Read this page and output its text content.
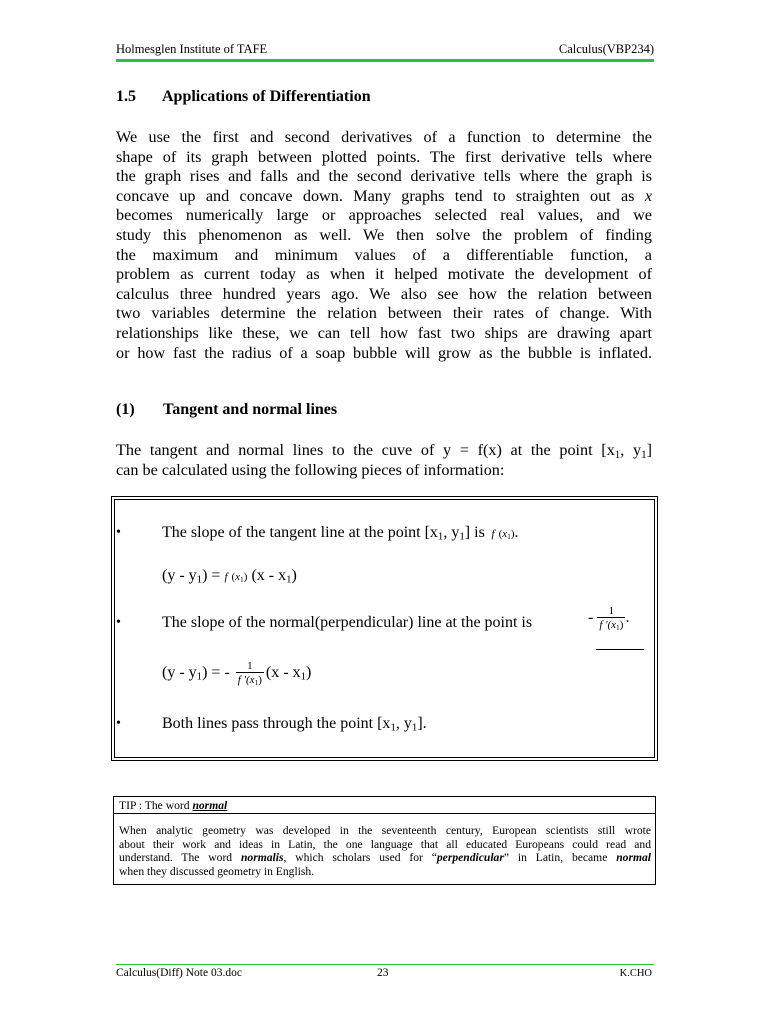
Holmesglen Institute of TAFE	Calculus(VBP234)
1.5 Applications of Differentiation
We use the first and second derivatives of a function to determine the
shape of its graph between plotted points. The first derivative tells where
the graph rises and falls and the second derivative tells where the graph is
concave up and concave down. Many graphs tend to straighten out as x
becomes numerically large or approaches selected real values, and we
study this phenomenon as well. We then solve the problem of finding
the maximum and minimum values of a differentiable function, a
problem as current today as when it helped motivate the development of
calculus three hundred years ago. We also see how the relation between
two variables determine the relation between their rates of change. With
relationships like these, we can tell how fast two ships are drawing apart
or how fast the radius of a soap bubble will grow as the bubble is inflated.
(1) Tangent and normal lines
The tangent and normal lines to the cuve of y = f(x) at the point [$x_1$, $y_1$]
can be calculated using the following pieces of information:
•	The slope of the tangent line at the point [$x_1$, $y_1$] is f' $(x_1)$.
$(y - y_1) = f'$ $(x_1)$ $(x - x_1)$
•	The slope of the normal(perpendicular) line at the point is	- $\frac{1}{f '(x_1)}$ .
$(y - y_1)$ = - $\frac{1}{f '(x_1)} (x - x_1)$
•	Both lines pass through the point [$x_1$, $y_1$].
TIP : The word normal
When analytic geometry was developed in the seventeenth century, European scientists still wrote
about their work and ideas in Latin, the one language that all educated Europeans could read and
understand. The word normalis, which scholars used for “perpendicular” in Latin, became normal
when they discussed geometry in English.
Calculus(Diff) Note 03.doc	23	K.CHO
